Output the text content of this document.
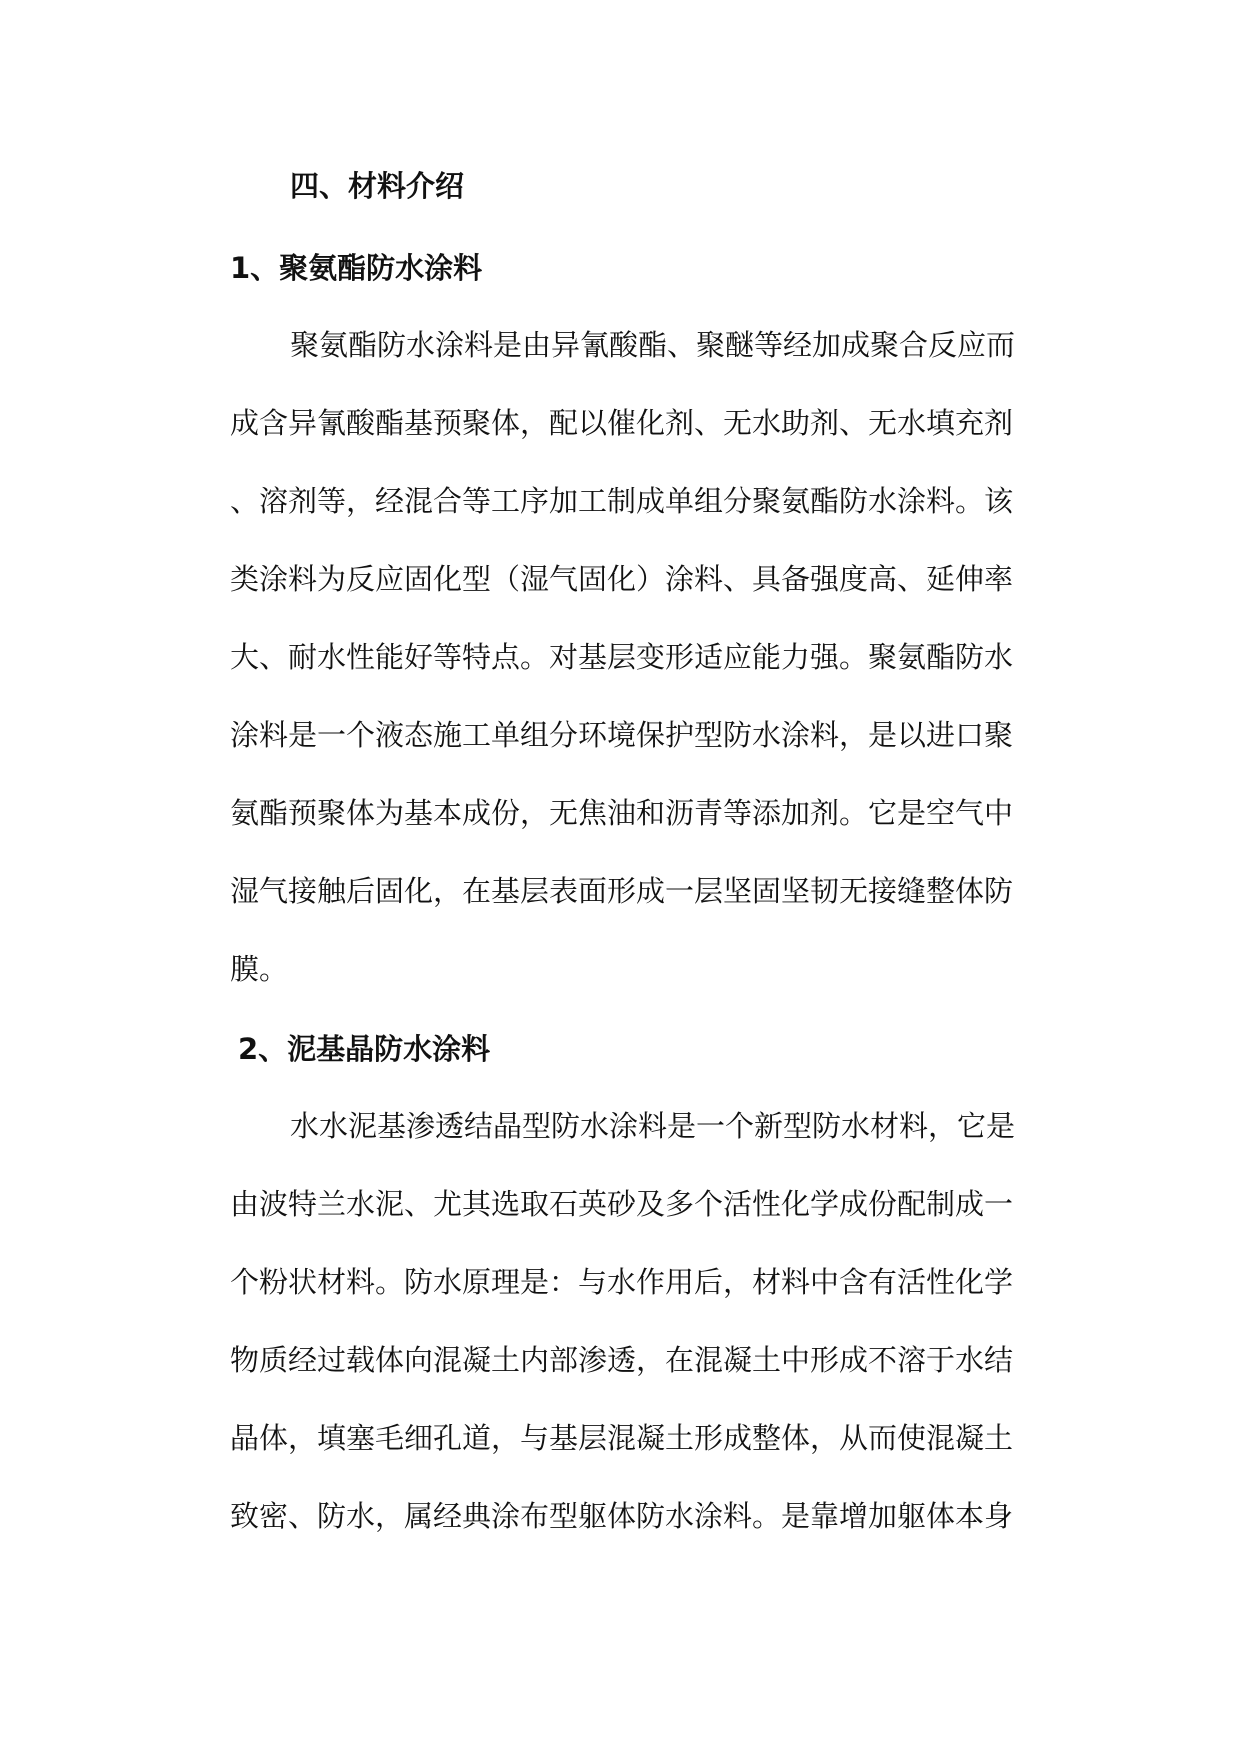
四、材料介绍
1、聚氨酯防水涂料
聚氨酯防水涂料是由异氰酸酯、聚醚等经加成聚合反应而
成含异氰酸酯基预聚体，配以催化剂、无水助剂、无水填充剂
、溶剂等，经混合等工序加工制成单组分聚氨酯防水涂料。该
类涂料为反应固化型（湿气固化）涂料、具备强度高、延伸率
大、耐水性能好等特点。对基层变形适应能力强。聚氨酯防水
涂料是一个液态施工单组分环境保护型防水涂料，是以进口聚
氨酯预聚体为基本成份，无焦油和沥青等添加剂。它是空气中
湿气接触后固化，在基层表面形成一层坚固坚韧无接缝整体防
膜。
2、泥基晶防水涂料
水水泥基渗透结晶型防水涂料是一个新型防水材料，它是
由波特兰水泥、尤其选取石英砂及多个活性化学成份配制成一
个粉状材料。防水原理是：与水作用后，材料中含有活性化学
物质经过载体向混凝土内部渗透，在混凝土中形成不溶于水结
晶体，填塞毛细孔道，与基层混凝土形成整体，从而使混凝土
致密、防水，属经典涂布型躯体防水涂料。是靠增加躯体本身
